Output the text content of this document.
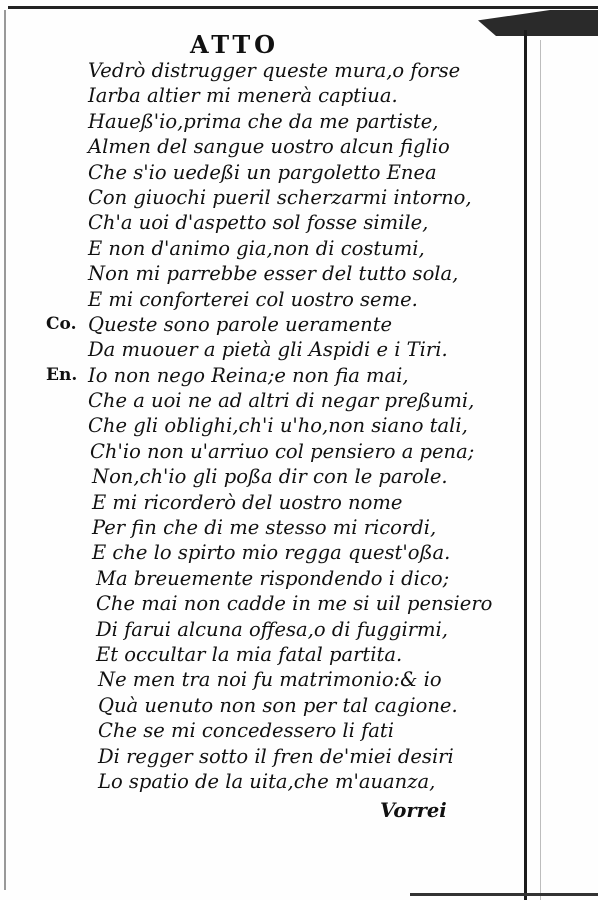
ATTO
Vedrò distrugger queste mura,o forse
Iarba altier mi menerà captiua.
Haueß'io,prima che da me partiste,
Almen del sangue uostro alcun figlio
Che s'io uedeßi un pargoletto Enea
Con giuochi pueril scherzarmi intorno,
Ch'a uoi d'aspetto sol fosse simile,
E non d'animo gia,non di costumi,
Non mi parrebbe esser del tutto sola,
E mi conforterei col uostro seme.
Co. Queste sono parole ueramente
Da muouer a pietà gli Aspidi e i Tiri.
En. Io non nego Reina;e non fia mai,
Che a uoi ne ad altri di negar preßumi,
Che gli oblighi,ch'i u'ho,non siano tali,
Ch'io non u'arriuo col pensiero a pena;
Non,ch'io gli poßa dir con le parole.
E mi ricorderò del uostro nome
Per fin che di me stesso mi ricordi,
E che lo spirto mio regga quest'oßa.
Ma breuemente rispondendo i dico;
Che mai non cadde in me si uil pensiero
Di farui alcuna offesa,o di fuggirmi,
Et occultar la mia fatal partita.
Ne men tra noi fu matrimonio:& io
Quà uenuto non son per tal cagione.
Che se mi concedessero li fati
Di regger sotto il fren de'miei desiri
Lo spatio de la uita,che m'auanza,
Vorrei
